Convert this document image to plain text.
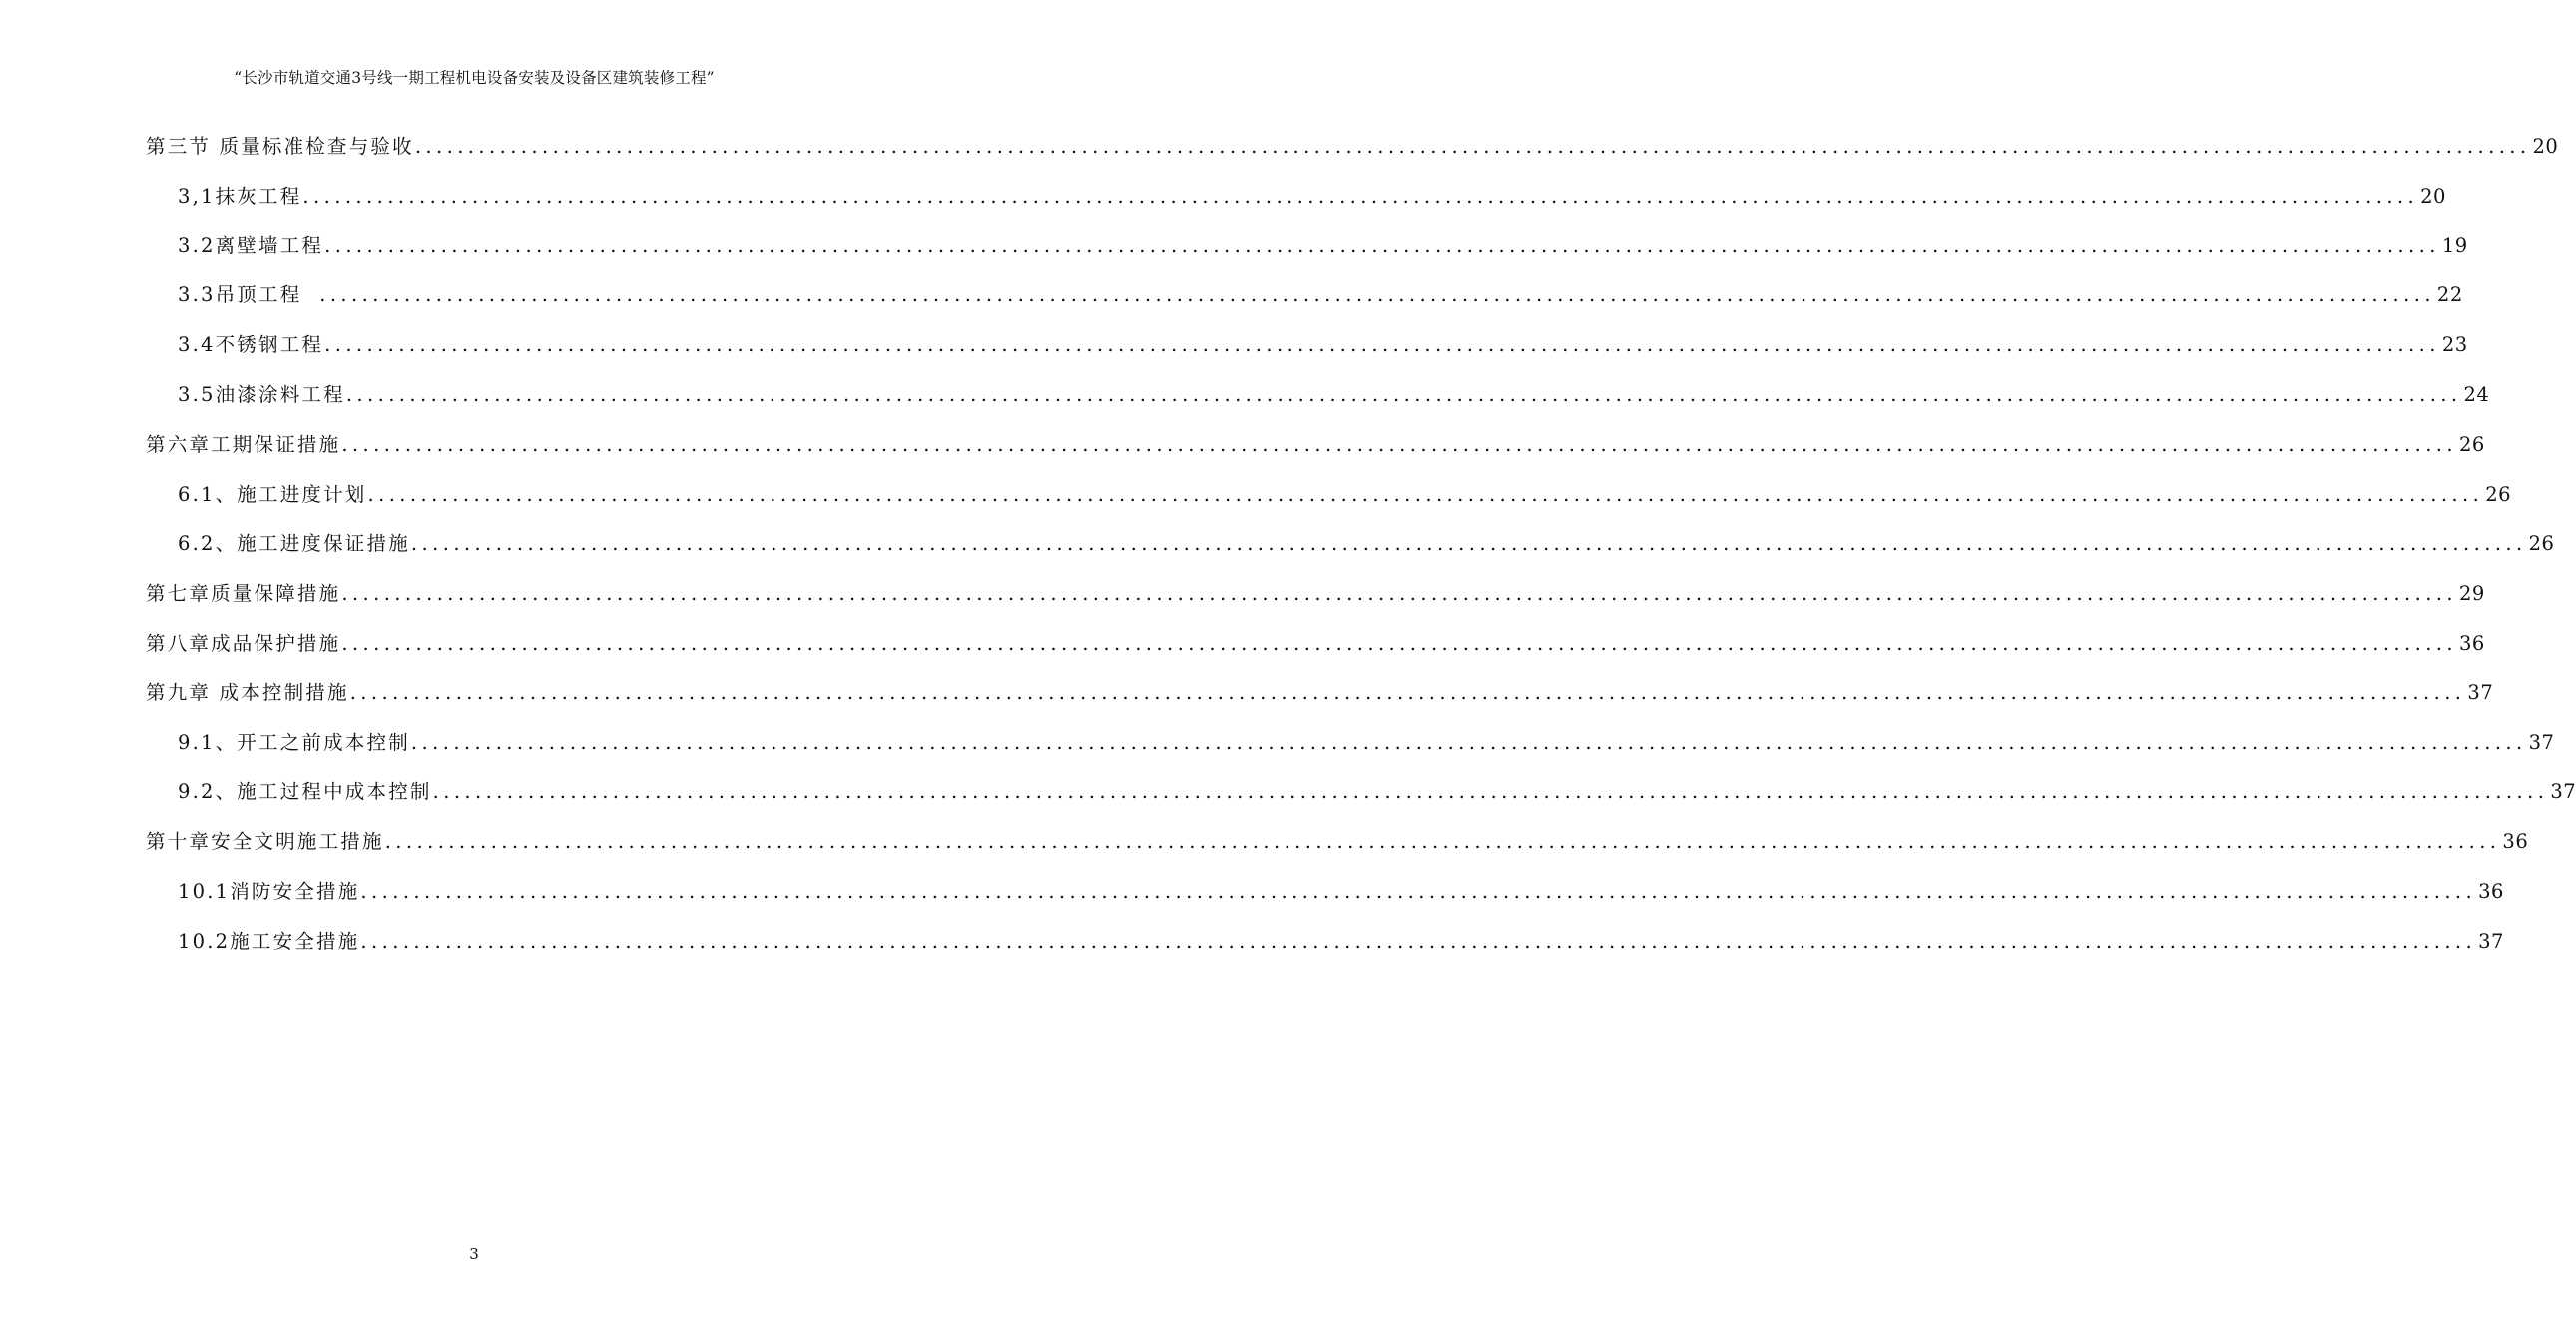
“长沙市轨道交通3号线一期工程机电设备安装及设备区建筑装修工程”
第三节 质量标准检查与验收 ........................................................................................................................................................................................................ 20
3,1抹灰工程 ........................................................................................................................................................................................................ 20
3.2离壁墙工程 ........................................................................................................................................................................................................ 19
3.3吊顶工程 ........................................................................................................................................................................................................ 22
3.4不锈钢工程 ........................................................................................................................................................................................................ 23
3.5油漆涂料工程 ........................................................................................................................................................................................................ 24
第六章工期保证措施 ........................................................................................................................................................................................................ 26
6.1、施工进度计划 ........................................................................................................................................................................................................ 26
6.2、施工进度保证措施 ........................................................................................................................................................................................................ 26
第七章质量保障措施 ........................................................................................................................................................................................................ 29
第八章成品保护措施 ........................................................................................................................................................................................................ 36
第九章 成本控制措施 ........................................................................................................................................................................................................ 37
9.1、开工之前成本控制 ........................................................................................................................................................................................................ 37
9.2、施工过程中成本控制 ........................................................................................................................................................................................................ 37
第十章安全文明施工措施 ........................................................................................................................................................................................................ 36
10.1消防安全措施 ........................................................................................................................................................................................................ 36
10.2施工安全措施 ........................................................................................................................................................................................................ 37
3
